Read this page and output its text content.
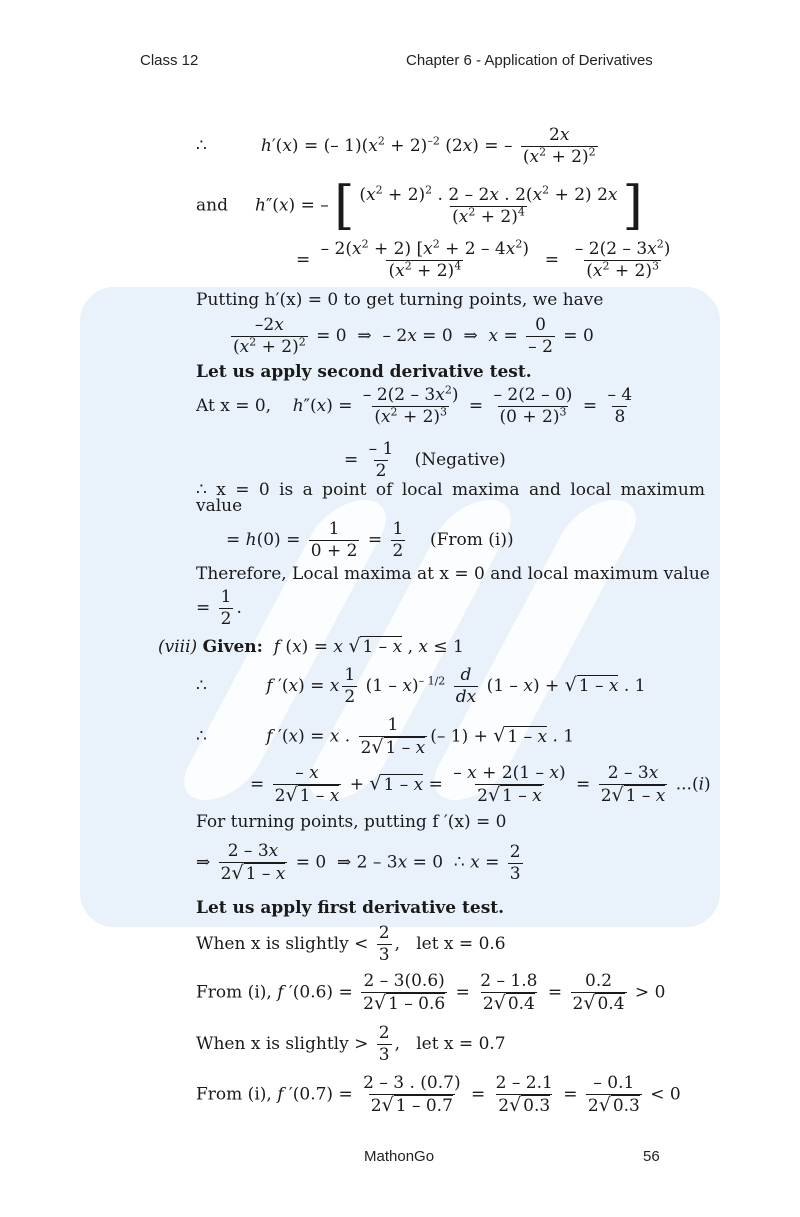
Class 12	Chapter 6 - Application of Derivatives
∴          h′(x) = (– $1)(x^2 + 2)^{-2}$ (2x) = – $\frac{2x}{(x^2 + 2)^2}$
and h″(x) = – [ $\frac{(x^2 + 2)^2 . 2 - 2x . 2(x^2 + 2) 2x}{(x^2 + 2)^4}$ ]
= $\frac{- 2(x^2 + 2) [x^2 + 2 - 4x^2)}{(x^2 + 2)^4} = \frac{- 2(2 - 3x^2)}{(x^2 + 2)^3}$
Putting h′(x) = 0 to get turning points, we have
$\frac{-2x}{(x^2 + 2)^2} = 0$  ⇒  – 2x = 0  ⇒  $x = \frac{0}{- 2} = 0$
Let us apply second derivative test.
At x = 0, $h''(x) = \frac{- 2(2 - 3x^2)}{(x^2 + 2)^3} = \frac{- 2(2 - 0)}{(0 + 2)^3} = \frac{- 4}{8}$
= $\frac{- 1}{2}$ (Negative)
∴ x = 0 is a point of local maxima and local maximum
value
= $h(0) = \frac{1}{0 + 2} = \frac{1}{2}$ (From (i))
Therefore, Local maxima at x = 0 and local maximum value
= $\frac{1}{2}$ .
(viii) Given: f (x) = x √ 1 – x , x ≤ 1
∴           f ′(x) = x $\frac{1}{2} (1 - x)^{- 1/2} \frac{d}{dx} (1 - x)$ + √ 1 – x . 1
∴           f ′(x) = x . $\frac{1}{2√ 1 - x}$ (– 1) + √ 1 – x . 1
= $\frac{- x}{2√ 1 - x}$ + √ $1 - x = \frac{- x + 2(1 - x)}{2√ 1 - x} = \frac{2 - 3x}{2√ 1 - x} ...(i)$
For turning points, putting f ′(x) = 0
⇒ $\frac{2 - 3x}{2√ 1 - x} = 0$  ⇒ 2 – 3x = 0  ∴ $x = \frac{2}{3}$
Let us apply first derivative test.
When x is slightly < $\frac{2}{3}$ ,   let x = 0.6
From (i), f $'(0.6) = \frac{2 - 3(0.6)}{2√ 1 - 0.6} = \frac{2 - 1.8}{2√ 0.4} = \frac{0.2}{2√ 0.4} > 0$
When x is slightly > $\frac{2}{3}$ ,   let x = 0.7
From (i), f $'(0.7) = \frac{2 - 3 . (0.7)}{2√ 1 - 0.7} = \frac{2 - 2.1}{2√ 0.3} = \frac{- 0.1}{2√ 0.3} < 0$
MathonGo	56
